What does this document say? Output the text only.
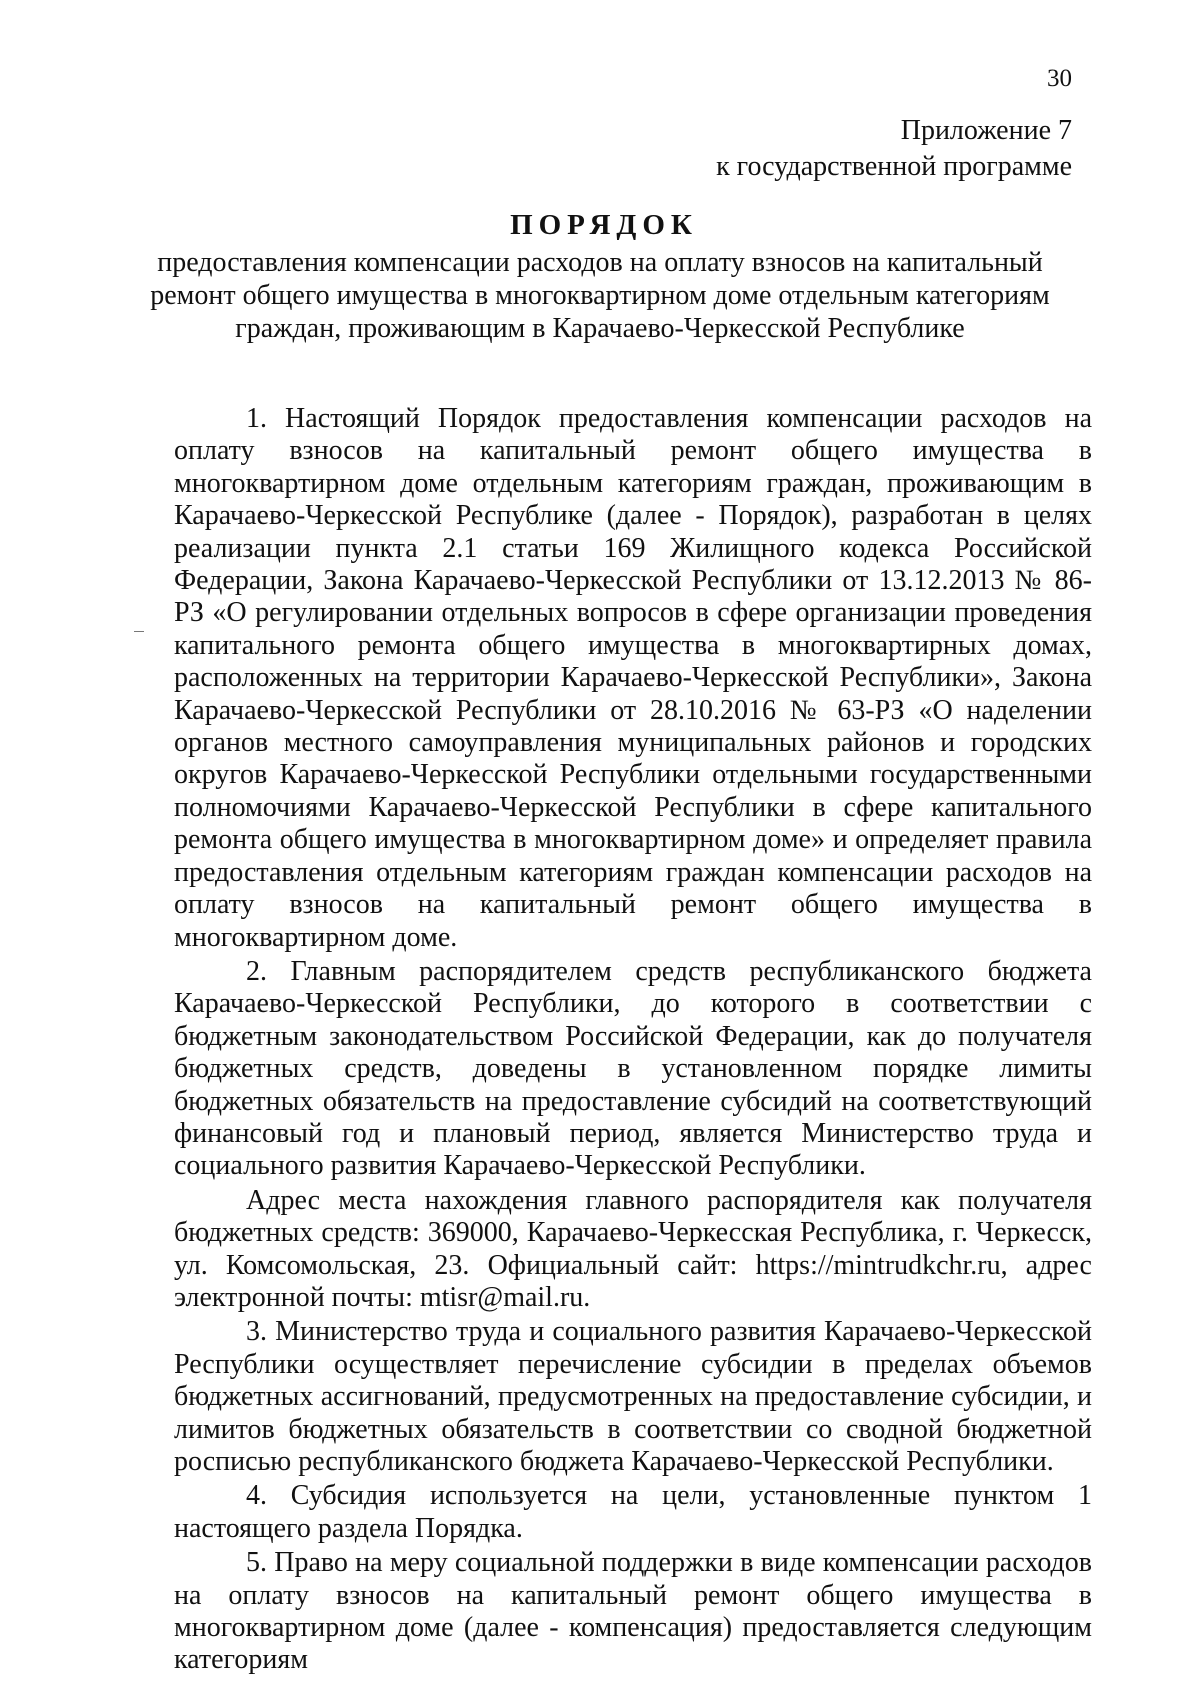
30
Приложение 7
к государственной программе
ПОРЯДОК
предоставления компенсации расходов на оплату взносов на капитальный ремонт общего имущества в многоквартирном доме отдельным категориям граждан, проживающим в Карачаево-Черкесской Республике

1. Настоящий Порядок предоставления компенсации расходов на оплату взносов на капитальный ремонт общего имущества в многоквартирном доме отдельным категориям граждан, проживающим в Карачаево-Черкесской Республике (далее - Порядок), разработан в целях реализации пункта 2.1 статьи 169 Жилищного кодекса Российской Федерации, Закона Карачаево-Черкесской Республики от 13.12.2013 № 86-РЗ «О регулировании отдельных вопросов в сфере организации проведения капитального ремонта общего имущества в многоквартирных домах, расположенных на территории Карачаево-Черкесской Республики», Закона Карачаево-Черкесской Республики от 28.10.2016 № 63-РЗ «О наделении органов местного самоуправления муниципальных районов и городских округов Карачаево-Черкесской Республики отдельными государственными полномочиями Карачаево-Черкесской Республики в сфере капитального ремонта общего имущества в многоквартирном доме» и определяет правила предоставления отдельным категориям граждан компенсации расходов на оплату взносов на капитальный ремонт общего имущества в многоквартирном доме.

2. Главным распорядителем средств республиканского бюджета Карачаево-Черкесской Республики, до которого в соответствии с бюджетным законодательством Российской Федерации, как до получателя бюджетных средств, доведены в установленном порядке лимиты бюджетных обязательств на предоставление субсидий на соответствующий финансовый год и плановый период, является Министерство труда и социального развития Карачаево-Черкесской Республики.

Адрес места нахождения главного распорядителя как получателя бюджетных средств: 369000, Карачаево-Черкесская Республика, г. Черкесск, ул. Комсомольская, 23. Официальный сайт: https://mintrudkchr.ru, адрес электронной почты: mtisr@mail.ru.

3. Министерство труда и социального развития Карачаево-Черкесской Республики осуществляет перечисление субсидии в пределах объемов бюджетных ассигнований, предусмотренных на предоставление субсидии, и лимитов бюджетных обязательств в соответствии со сводной бюджетной росписью республиканского бюджета Карачаево-Черкесской Республики.

4. Субсидия используется на цели, установленные пунктом 1 настоящего раздела Порядка.

5. Право на меру социальной поддержки в виде компенсации расходов на оплату взносов на капитальный ремонт общего имущества в многоквартирном доме (далее - компенсация) предоставляется следующим категориям
